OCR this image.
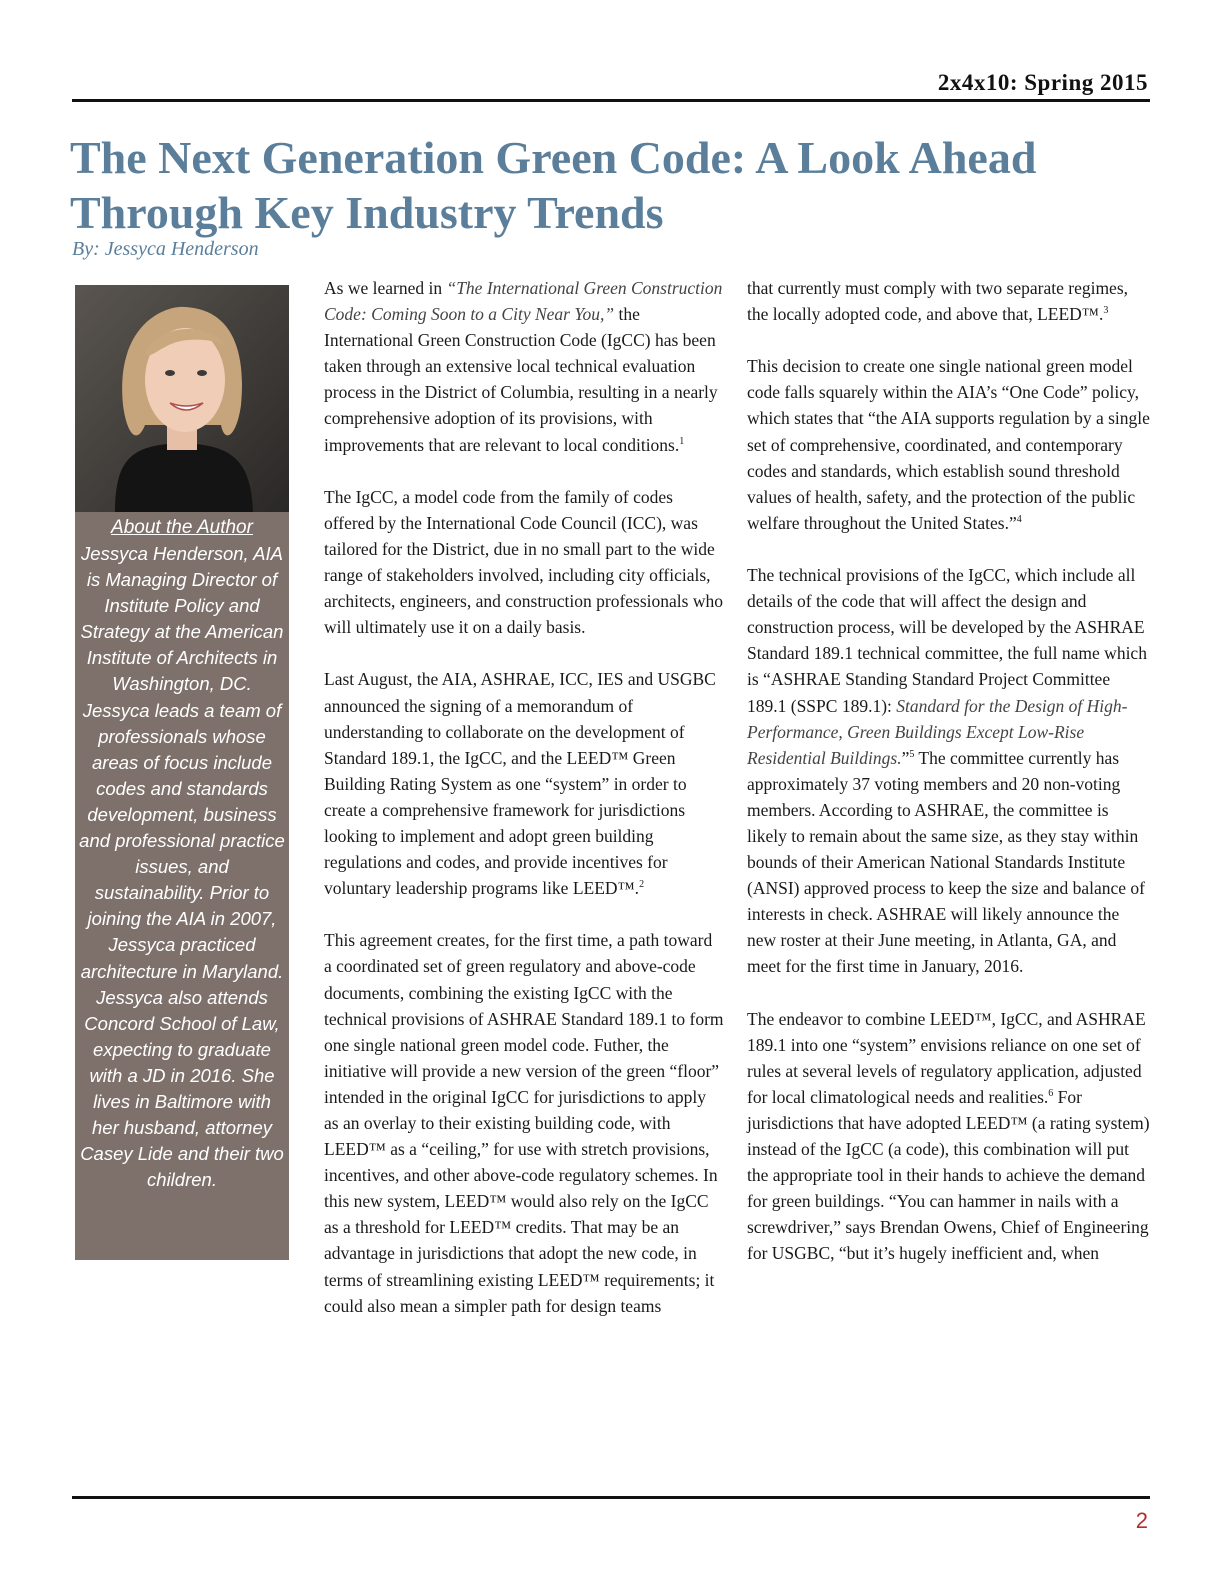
2x4x10: Spring 2015
The Next Generation Green Code: A Look Ahead Through Key Industry Trends
By: Jessyca Henderson
About the Author
Jessyca Henderson, AIA is Managing Director of Institute Policy and Strategy at the American Institute of Architects in Washington, DC. Jessyca leads a team of professionals whose areas of focus include codes and standards development, business and professional practice issues, and sustainability. Prior to joining the AIA in 2007, Jessyca practiced architecture in Maryland. Jessyca also attends Concord School of Law, expecting to graduate with a JD in 2016. She lives in Baltimore with her husband, attorney Casey Lide and their two children.

As we learned in “The International Green Construction Code: Coming Soon to a City Near You,” the International Green Construction Code (IgCC) has been taken through an extensive local technical evaluation process in the District of Columbia, resulting in a nearly comprehensive adoption of its provisions, with improvements that are relevant to local conditions.$^1$

The IgCC, a model code from the family of codes offered by the International Code Council (ICC), was tailored for the District, due in no small part to the wide range of stakeholders involved, including city officials, architects, engineers, and construction professionals who will ultimately use it on a daily basis.

Last August, the AIA, ASHRAE, ICC, IES and USGBC announced the signing of a memorandum of understanding to collaborate on the development of Standard 189.1, the IgCC, and the LEED™ Green Building Rating System as one “system” in order to create a comprehensive framework for jurisdictions looking to implement and adopt green building regulations and codes, and provide incentives for voluntary leadership programs like LEED™.$^2$

This agreement creates, for the first time, a path toward a coordinated set of green regulatory and above-code documents, combining the existing IgCC with the technical provisions of ASHRAE Standard 189.1 to form one single national green model code. Futher, the initiative will provide a new version of the green “floor” intended in the original IgCC for jurisdictions to apply as an overlay to their existing building code, with LEED™ as a “ceiling,” for use with stretch provisions, incentives, and other above-code regulatory schemes. In this new system, LEED™ would also rely on the IgCC as a threshold for LEED™ credits. That may be an advantage in jurisdictions that adopt the new code, in terms of streamlining existing LEED™ requirements; it could also mean a simpler path for design teams

that currently must comply with two separate regimes, the locally adopted code, and above that, LEED™.$^3$

This decision to create one single national green model code falls squarely within the AIA’s “One Code” policy, which states that “the AIA supports regulation by a single set of comprehensive, coordinated, and contemporary codes and standards, which establish sound threshold values of health, safety, and the protection of the public welfare throughout the United States.”$^4$

The technical provisions of the IgCC, which include all details of the code that will affect the design and construction process, will be developed by the ASHRAE Standard 189.1 technical committee, the full name which is “ASHRAE Standing Standard Project Committee 189.1 (SSPC 189.1): Standard for the Design of High-Performance, Green Buildings Except Low-Rise Residential Buildings.”$^5$ The committee currently has approximately 37 voting members and 20 non-voting members. According to ASHRAE, the committee is likely to remain about the same size, as they stay within bounds of their American National Standards Institute (ANSI) approved process to keep the size and balance of interests in check. ASHRAE will likely announce the new roster at their June meeting, in Atlanta, GA, and meet for the first time in January, 2016.

The endeavor to combine LEED™, IgCC, and ASHRAE 189.1 into one “system” envisions reliance on one set of rules at several levels of regulatory application, adjusted for local climatological needs and realities.$^6$ For jurisdictions that have adopted LEED™ (a rating system) instead of the IgCC (a code), this combination will put the appropriate tool in their hands to achieve the demand for green buildings. “You can hammer in nails with a screwdriver,” says Brendan Owens, Chief of Engineering for USGBC, “but it’s hugely inefficient and, when

2
